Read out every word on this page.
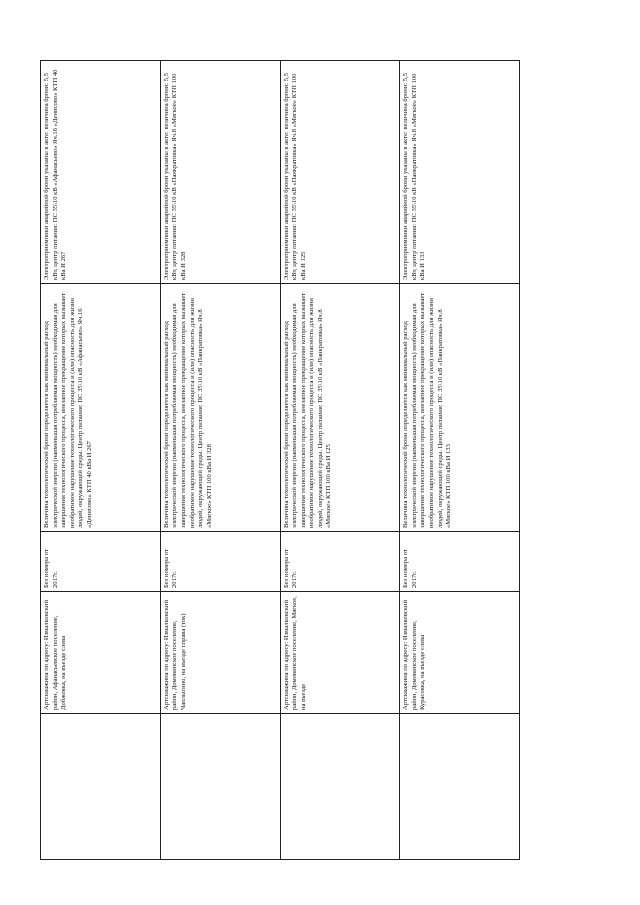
	Артскважина по адресу: Измалковский район, Афанасьевское поселение, Добжовка, на въезде слева	Без номера от 2017г.	Величина технологической брони определяется как минимальный расход электрической энергии (наименьшая потребляемая мощность) необходимая для завершения технологического процесса, внезапное прекращение которых вызывает необратимое нарушение технологического процесса и (или) опасность для жизни людей, окружающей среды. Центр питания: ПС 35\10 кВ «Афанасьево» Яч.16 «Денисово» КТП 40 кВа И 267	Электроприемники аварийной брони указаны в акте: величина брони: 5,5 кВт, центр питания: ПС 35\10 кВ «Афанасьево» Яч.16 «Денисово» КТП 40 кВа И 267
	Артскважина по адресу: Измалковский район, Домовинское поселение, Чаплыгино, на въезде справа (ток)	Без номера от 2017г.	Величина технологической брони определяется как минимальный расход электрической энергии (наименьшая потребляемая мощность) необходимая для завершения технологического процесса, внезапное прекращение которых вызывает необратимое нарушение технологического процесса и (или) опасность для жизни людей, окружающей среды. Центр питания: ПС 35\10 кВ «Панкратовка» Яч.8 «Мягкое» КТП 100 кВа И 328	Электроприемники аварийной брони указаны в акте: величина брони: 5,5 кВт, центр питания: ПС 35\10 кВ «Панкратовка» Яч.8 «Мягкое» КТП 100 кВа И 328
	Артскважина по адресу: Измалковский район, Домовинское поселение, Мягкое, на въезде	Без номера от 2017г.	Величина технологической брони определяется как минимальный расход электрической энергии (наименьшая потребляемая мощность) необходимая для завершения технологического процесса, внезапное прекращение которых вызывает необратимое нарушение технологического процесса и (или) опасность для жизни людей, окружающей среды. Центр питания: ПС 35\10 кВ «Панкратовка» Яч.8 «Мягкое» КТП 100 кВа И 125	Электроприемники аварийной брони указаны в акте: величина брони: 5,5 кВт, центр питания: ПС 35\10 кВ «Панкратовка» Яч.8 «Мягкое» КТП 100 кВа И 125
	Артскважина по адресу: Измалковский район, Домовинское поселение, Курасовка, на въезде слева	Без номера от 2017г.	Величина технологической брони определяется как минимальный расход электрической энергии (наименьшая потребляемая мощность) необходимая для завершения технологического процесса, внезапное прекращение которых вызывает необратимое нарушение технологического процесса и (или) опасность для жизни людей, окружающей среды. Центр питания: ПС 35\10 кВ «Панкратовка» Яч.8 «Мягкое» КТП 100 кВа И 133	Электроприемники аварийной брони указаны в акте: величина брони: 5,5 кВт, центр питания: ПС 35\10 кВ «Панкратовка» Яч.8 «Мягкое» КТП 100 кВа И 133
